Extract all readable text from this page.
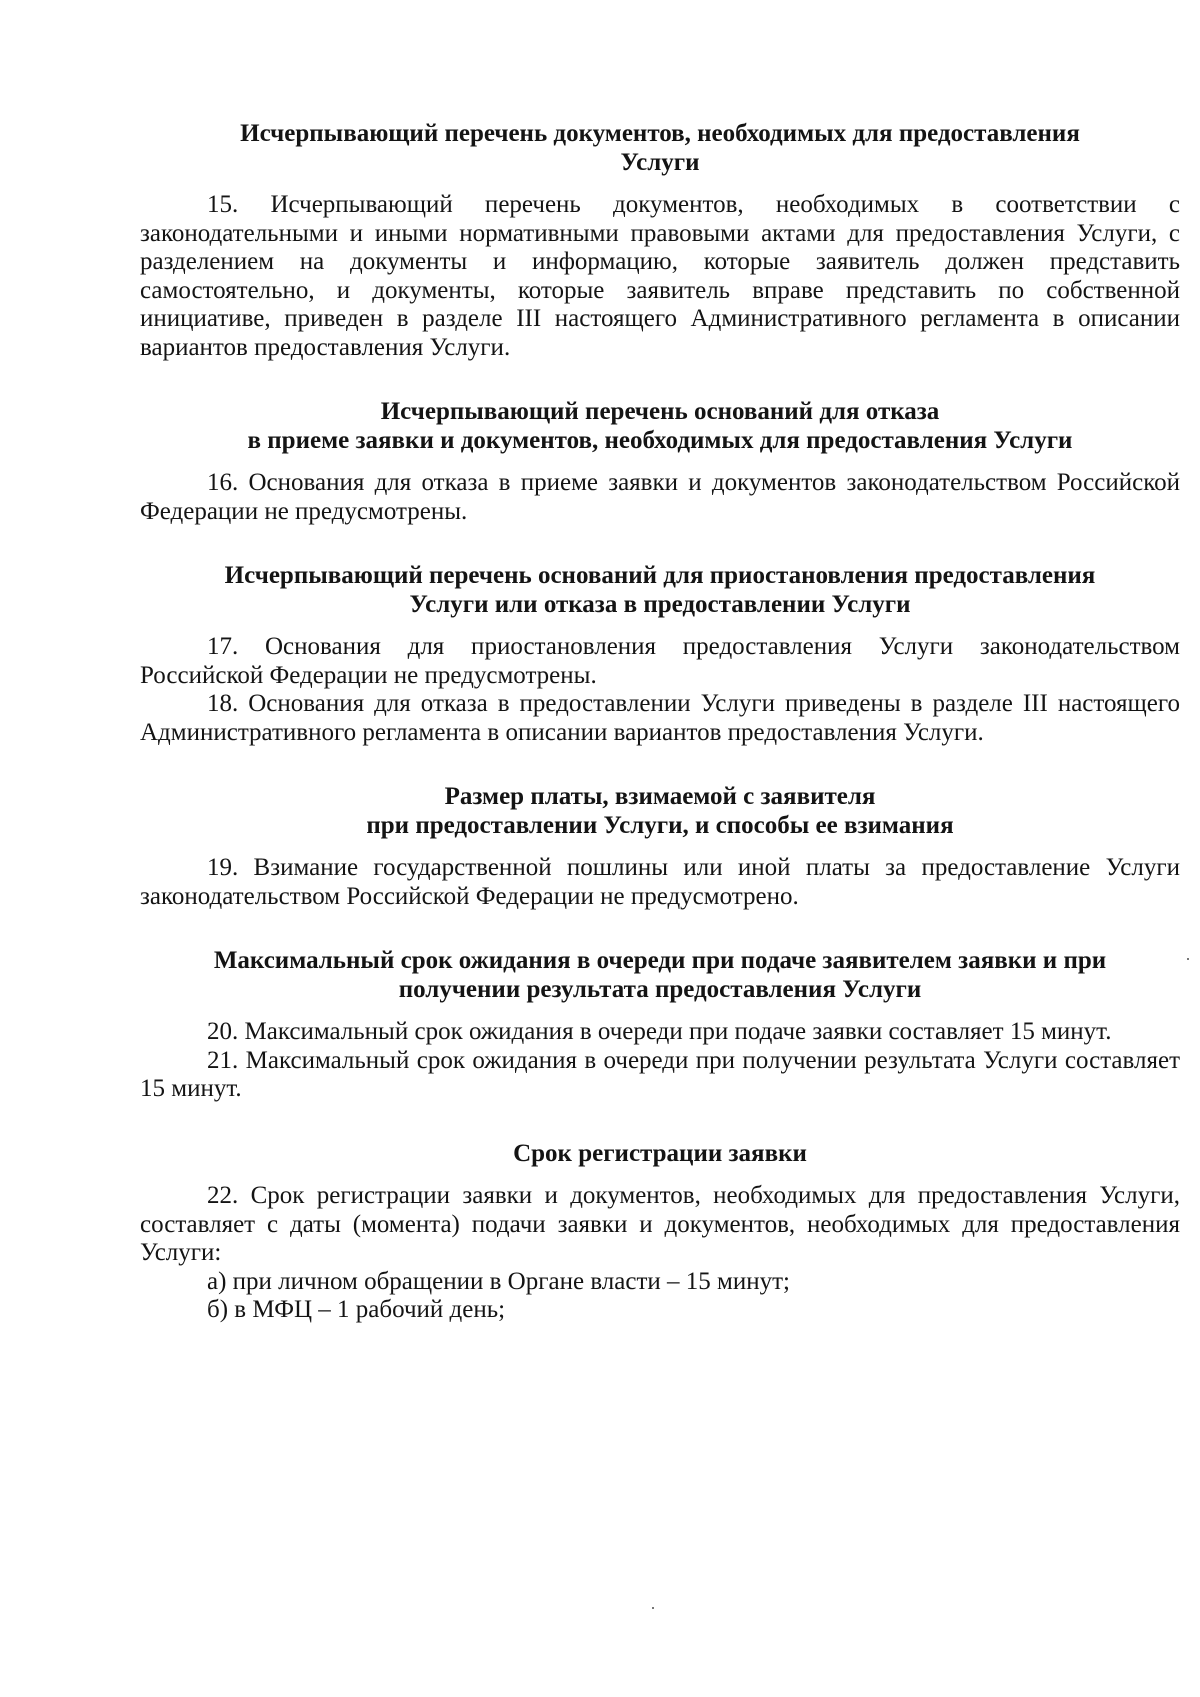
Исчерпывающий перечень документов, необходимых для предоставления
Услуги

15. Исчерпывающий перечень документов, необходимых в соответствии с законодательными и иными нормативными правовыми актами для предоставления Услуги, с разделением на документы и информацию, которые заявитель должен представить самостоятельно, и документы, которые заявитель вправе представить по собственной инициативе, приведен в разделе III настоящего Административного регламента в описании вариантов предоставления Услуги.

Исчерпывающий перечень оснований для отказа
в приеме заявки и документов, необходимых для предоставления Услуги

16. Основания для отказа в приеме заявки и документов законодательством Российской Федерации не предусмотрены.

Исчерпывающий перечень оснований для приостановления предоставления
Услуги или отказа в предоставлении Услуги

17. Основания для приостановления предоставления Услуги законодательством Российской Федерации не предусмотрены.

18. Основания для отказа в предоставлении Услуги приведены в разделе III настоящего Административного регламента в описании вариантов предоставления Услуги.

Размер платы, взимаемой с заявителя
при предоставлении Услуги, и способы ее взимания

19. Взимание государственной пошлины или иной платы за предоставление Услуги законодательством Российской Федерации не предусмотрено.

Максимальный срок ожидания в очереди при подаче заявителем заявки и при
получении результата предоставления Услуги

20. Максимальный срок ожидания в очереди при подаче заявки составляет 15 минут.

21. Максимальный срок ожидания в очереди при получении результата Услуги составляет 15 минут.

Срок регистрации заявки

22. Срок регистрации заявки и документов, необходимых для предоставления Услуги, составляет с даты (момента) подачи заявки и документов, необходимых для предоставления Услуги:

а) при личном обращении в Органе власти – 15 минут;

б) в МФЦ – 1 рабочий день;
